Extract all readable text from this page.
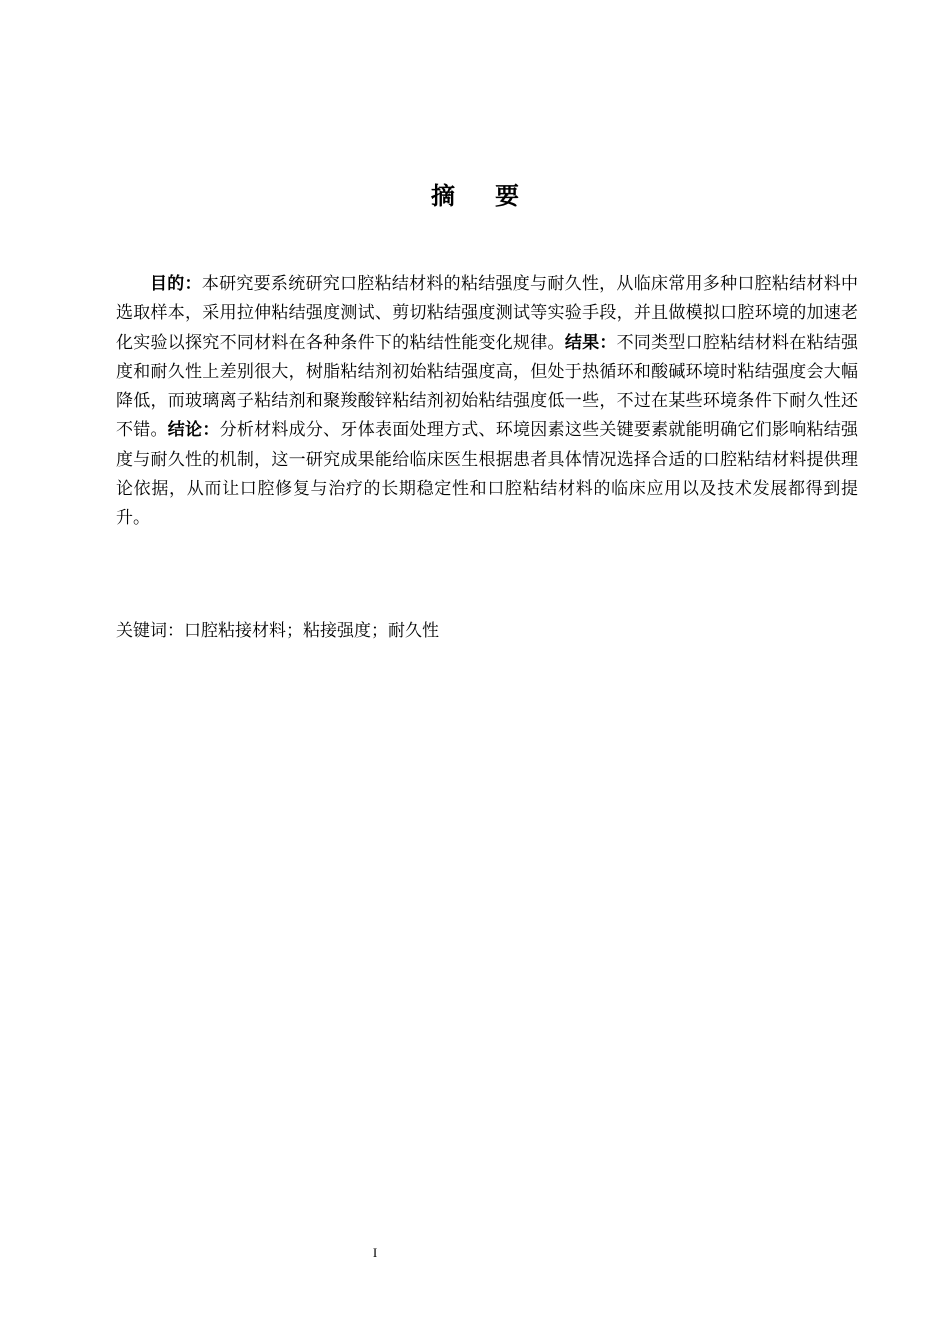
摘要

目的：本研究要系统研究口腔粘结材料的粘结强度与耐久性，从临床常用多种口腔粘结材料中选取样本，采用拉伸粘结强度测试、剪切粘结强度测试等实验手段，并且做模拟口腔环境的加速老化实验以探究不同材料在各种条件下的粘结性能变化规律。结果：不同类型口腔粘结材料在粘结强度和耐久性上差别很大，树脂粘结剂初始粘结强度高，但处于热循环和酸碱环境时粘结强度会大幅降低，而玻璃离子粘结剂和聚羧酸锌粘结剂初始粘结强度低一些，不过在某些环境条件下耐久性还不错。结论：分析材料成分、牙体表面处理方式、环境因素这些关键要素就能明确它们影响粘结强度与耐久性的机制，这一研究成果能给临床医生根据患者具体情况选择合适的口腔粘结材料提供理论依据，从而让口腔修复与治疗的长期稳定性和口腔粘结材料的临床应用以及技术发展都得到提升。

关键词：口腔粘接材料；粘接强度；耐久性

I
